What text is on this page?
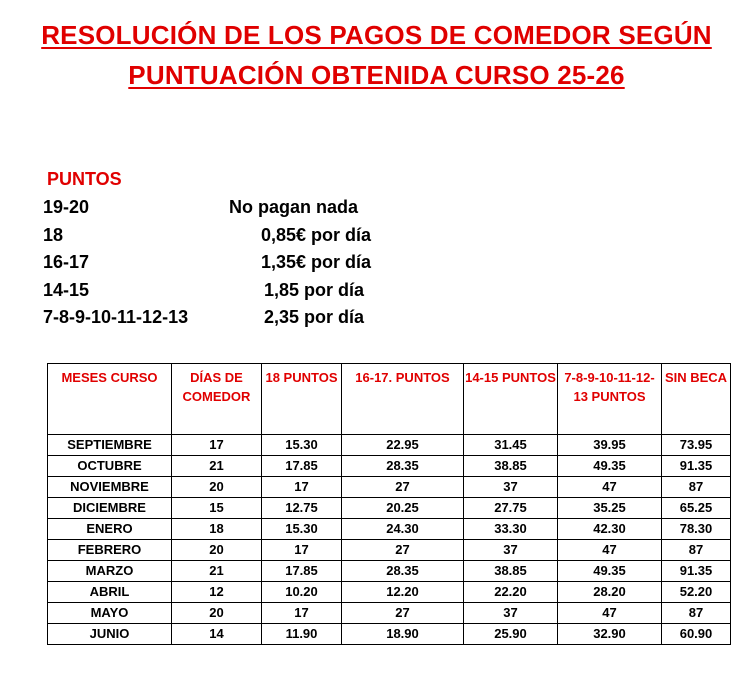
RESOLUCIÓN DE LOS PAGOS DE COMEDOR SEGÚN
PUNTUACIÓN OBTENIDA CURSO 25-26
PUNTOS
19-20	No pagan nada
18	0,85€ por día
16-17	1,35€ por día
14-15	1,85 por día
7-8-9-10-11-12-13	2,35 por día
MESES CURSO	DÍAS DE COMEDOR	18 PUNTOS	16-17. PUNTOS	14-15 PUNTOS	7-8-9-10-11-12-13 PUNTOS	SIN BECA
SEPTIEMBRE	17	15.30	22.95	31.45	39.95	73.95
OCTUBRE	21	17.85	28.35	38.85	49.35	91.35
NOVIEMBRE	20	17	27	37	47	87
DICIEMBRE	15	12.75	20.25	27.75	35.25	65.25
ENERO	18	15.30	24.30	33.30	42.30	78.30
FEBRERO	20	17	27	37	47	87
MARZO	21	17.85	28.35	38.85	49.35	91.35
ABRIL	12	10.20	12.20	22.20	28.20	52.20
MAYO	20	17	27	37	47	87
JUNIO	14	11.90	18.90	25.90	32.90	60.90
